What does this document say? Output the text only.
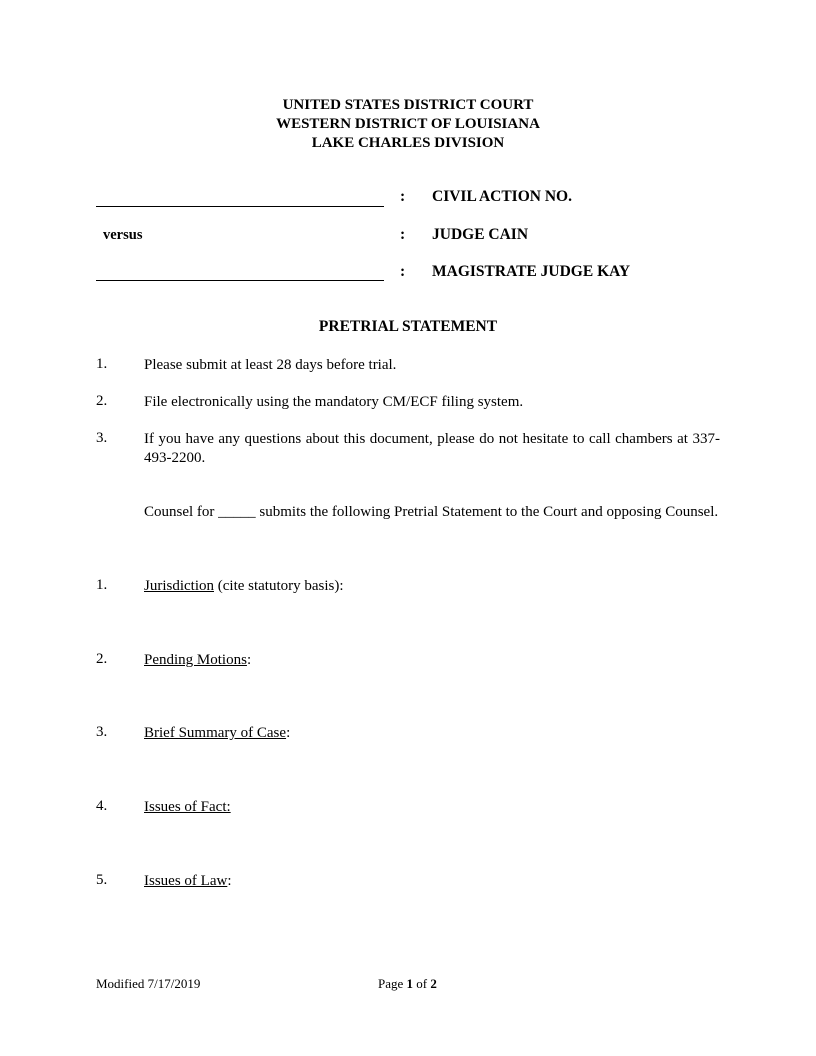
UNITED STATES DISTRICT COURT
WESTERN DISTRICT OF LOUISIANA
LAKE CHARLES DIVISION
: CIVIL ACTION NO.
versus	: JUDGE CAIN
: MAGISTRATE JUDGE KAY
PRETRIAL STATEMENT
1. Please submit at least 28 days before trial.
2. File electronically using the mandatory CM/ECF filing system.
3. If you have any questions about this document, please do not hesitate to call chambers at 337-493-2200.
Counsel for _____ submits the following Pretrial Statement to the Court and opposing Counsel.
1. Jurisdiction (cite statutory basis):
2. Pending Motions:
3. Brief Summary of Case:
4. Issues of Fact:
5. Issues of Law:
Modified 7/17/2019	Page 1 of 2
